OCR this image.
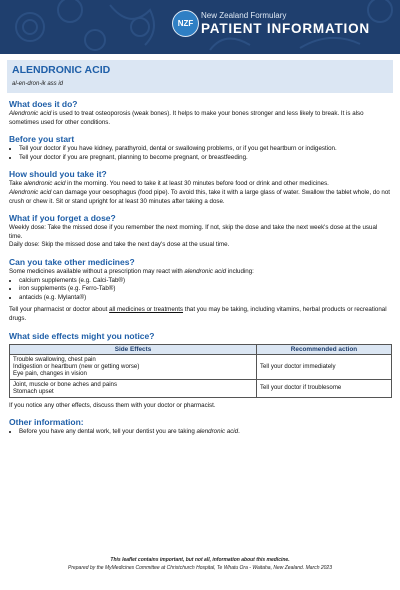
NZF
New Zealand Formulary
PATIENT INFORMATION
ALENDRONIC ACID
al-en-dron-ik ass id
What does it do?

Alendronic acid is used to treat osteoporosis (weak bones). It helps to make your bones stronger and less likely to break. It is also sometimes used for other conditions.

Before you start
• Tell your doctor if you have kidney, parathyroid, dental or swallowing problems, or if you get heartburn or indigestion.
• Tell your doctor if you are pregnant, planning to become pregnant, or breastfeeding.
How should you take it?

Take alendronic acid in the morning. You need to take it at least 30 minutes before food or drink and other medicines.

Alendronic acid can damage your oesophagus (food pipe). To avoid this, take it with a large glass of water. Swallow the tablet whole, do not crush or chew it. Sit or stand upright for at least 30 minutes after taking a dose.

What if you forget a dose?

Weekly dose: Take the missed dose if you remember the next morning. If not, skip the dose and take the next week's dose at the usual time.

Daily dose: Skip the missed dose and take the next day's dose at the usual time.

Can you take other medicines?

Some medicines available without a prescription may react with alendronic acid including:

• calcium supplements (e.g. Calci-Tab®)
• iron supplements (e.g. Ferro-Tab®)
• antacids (e.g. Mylanta®)

Tell your pharmacist or doctor about all medicines or treatments that you may be taking, including vitamins, herbal products or recreational drugs.

What side effects might you notice?
Side Effects	Recommended action

Trouble swallowing, chest pain
Indigestion or heartburn (new or getting worse)
Eye pain, changes in vision	Tell your doctor immediately

Joint, muscle or bone aches and pains
Stomach upset	Tell your doctor if troublesome

If you notice any other effects, discuss them with your doctor or pharmacist.

Other information:
• Before you have any dental work, tell your dentist you are taking alendronic acid.
This leaflet contains important, but not all, information about this medicine.
Prepared by the MyMedicines Committee at Christchurch Hospital, Te Whatu Ora - Waitaha, New Zealand. March 2023
